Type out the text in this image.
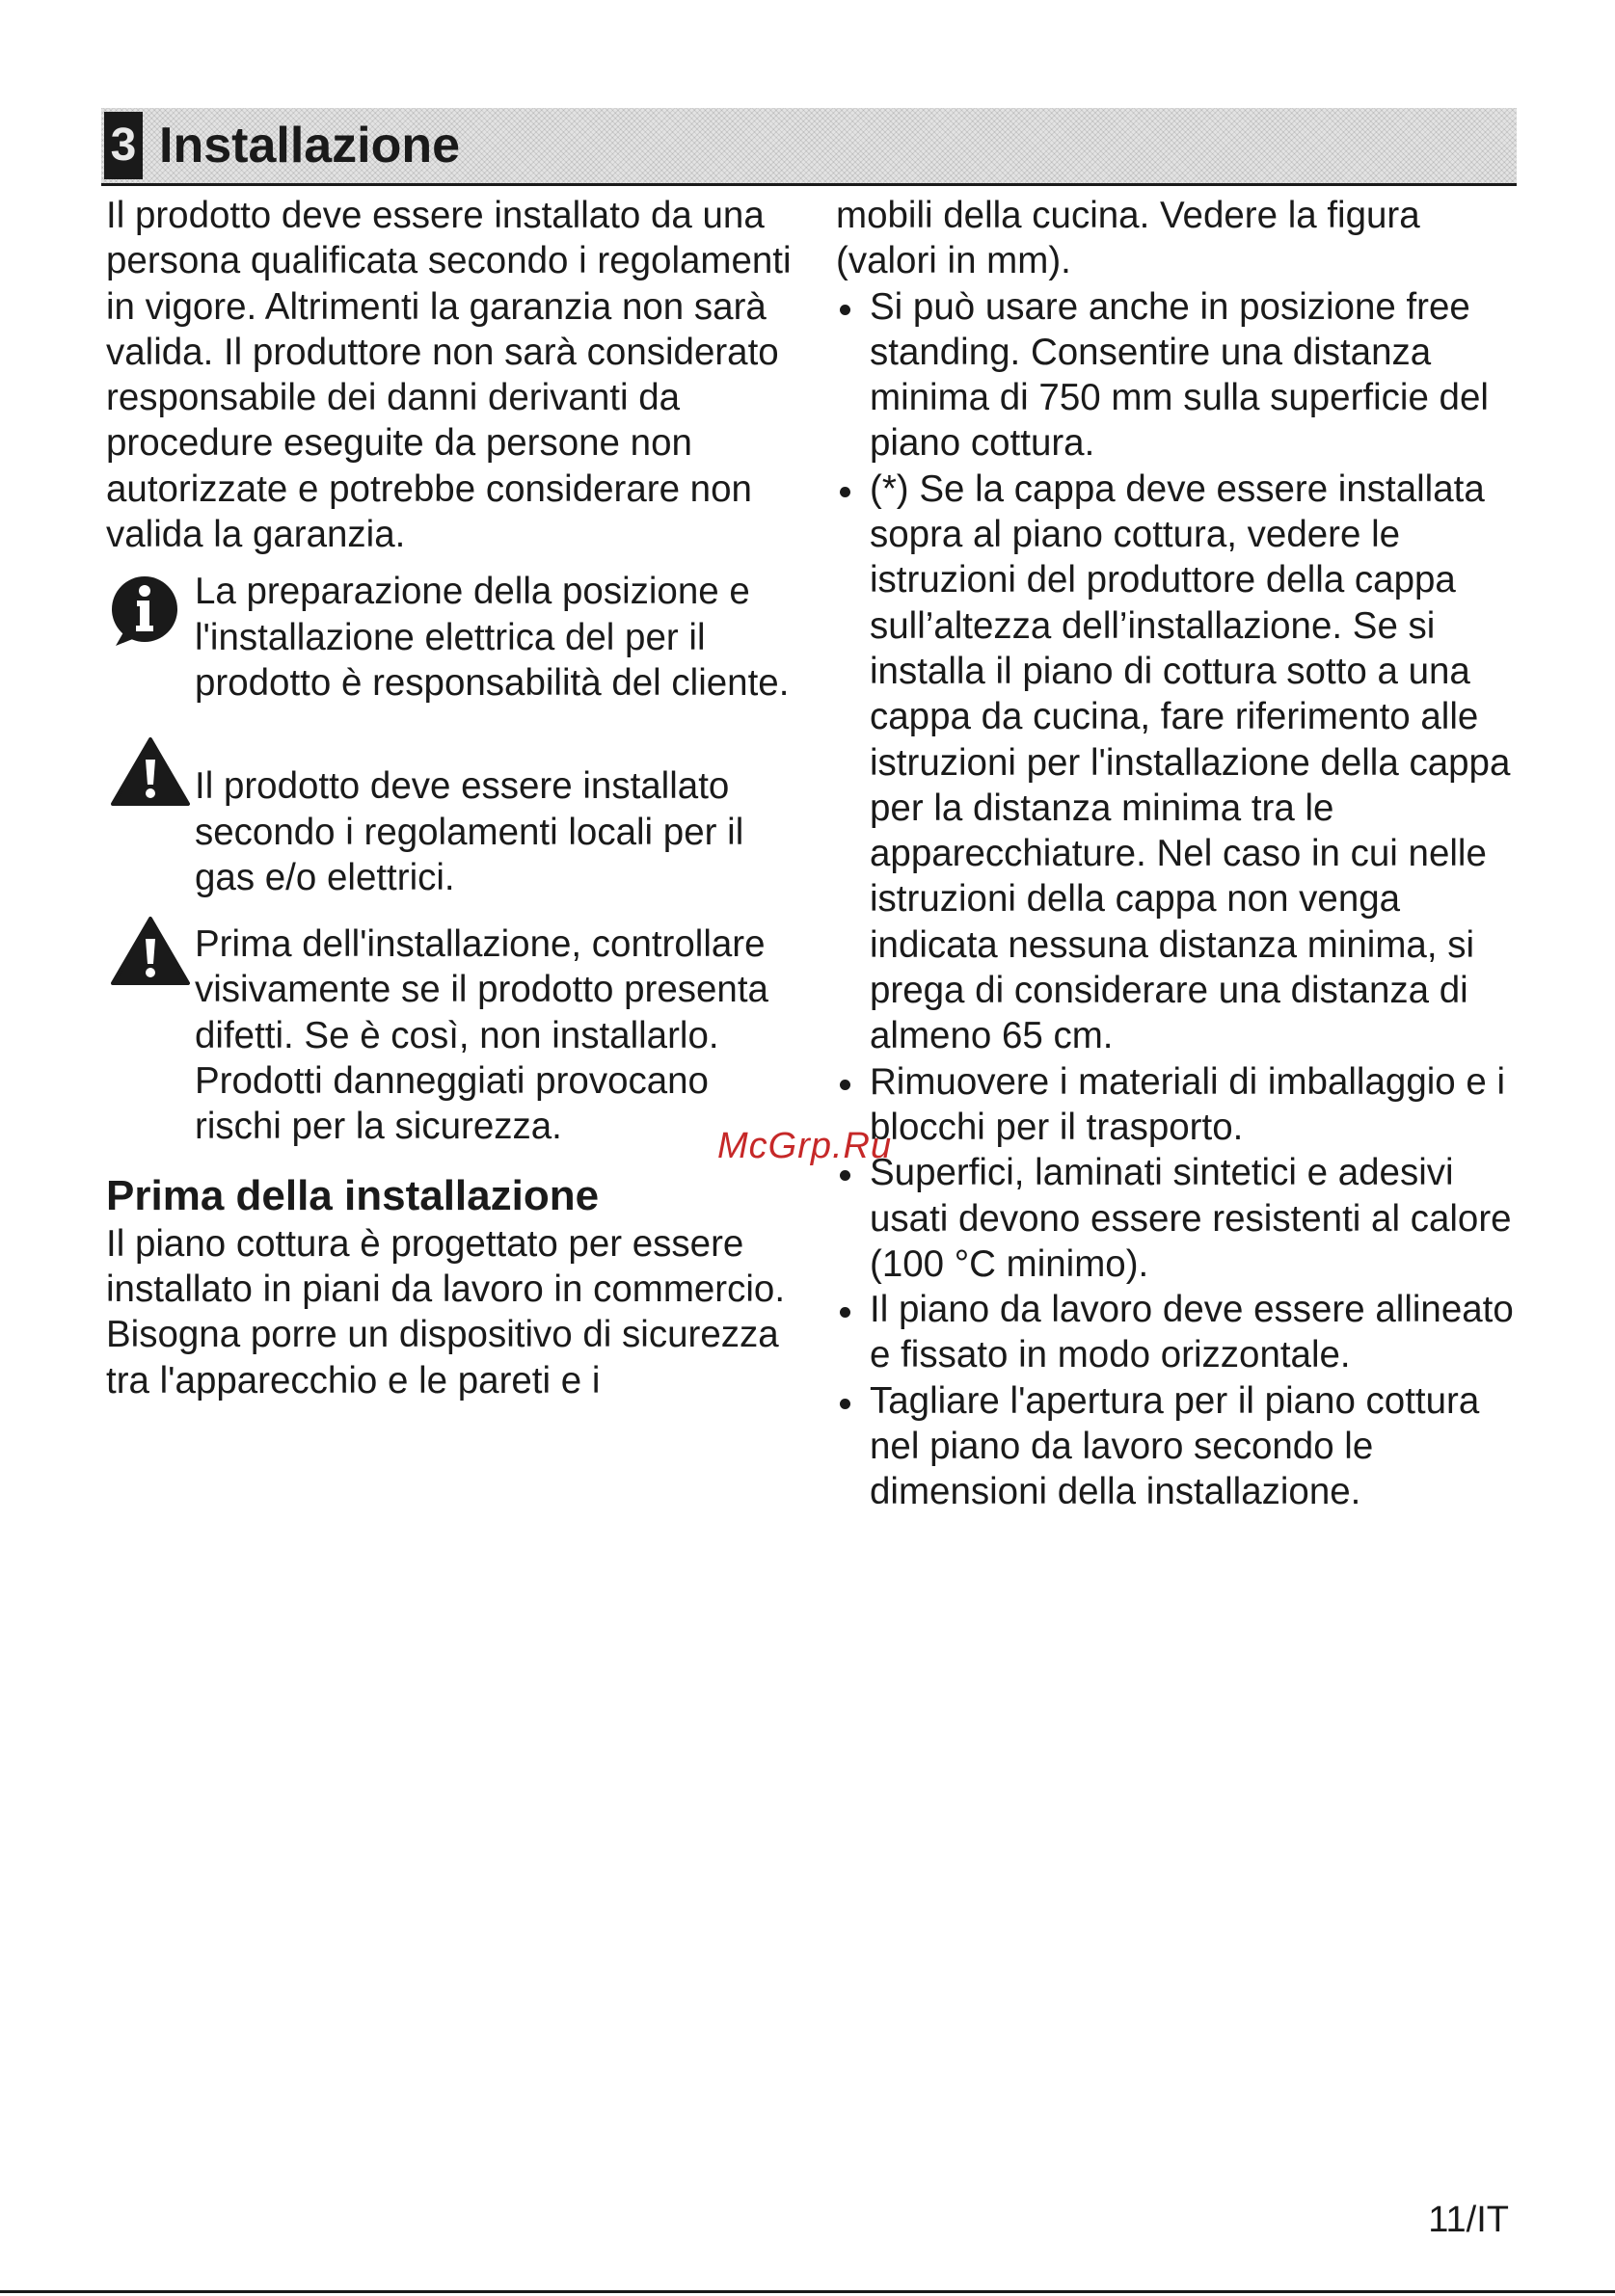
3 Installazione

Il prodotto deve essere installato da una persona qualificata secondo i regolamenti in vigore. Altrimenti la garanzia non sarà valida. Il produttore non sarà considerato responsabile dei danni derivanti da procedure eseguite da persone non autorizzate e potrebbe considerare non valida la garanzia.

La preparazione della posizione e l'installazione elettrica del per il prodotto è responsabilità del cliente.

Il prodotto deve essere installato secondo i regolamenti locali per il gas e/o elettrici.

Prima dell'installazione, controllare visivamente se il prodotto presenta difetti. Se è così, non installarlo.

Prodotti danneggiati provocano rischi per la sicurezza.

Prima della installazione

Il piano cottura è progettato per essere installato in piani da lavoro in commercio. Bisogna porre un dispositivo di sicurezza tra l'apparecchio e le pareti e i

mobili della cucina. Vedere la figura (valori in mm).

Si può usare anche in posizione free standing. Consentire una distanza minima di 750 mm sulla superficie del piano cottura.
(*) Se la cappa deve essere installata sopra al piano cottura, vedere le istruzioni del produttore della cappa sull’altezza dell’installazione. Se si installa il piano di cottura sotto a una cappa da cucina, fare riferimento alle istruzioni per l'installazione della cappa per la distanza minima tra le apparecchiature. Nel caso in cui nelle istruzioni della cappa non venga indicata nessuna distanza minima, si prega di considerare una distanza di almeno 65 cm.
Rimuovere i materiali di imballaggio e i blocchi per il trasporto.
Superfici, laminati sintetici e adesivi usati devono essere resistenti al calore (100 °C minimo).
Il piano da lavoro deve essere allineato e fissato in modo orizzontale.
Tagliare l'apertura per il piano cottura nel piano da lavoro secondo le dimensioni della installazione.
McGrp.Ru
11/IT
